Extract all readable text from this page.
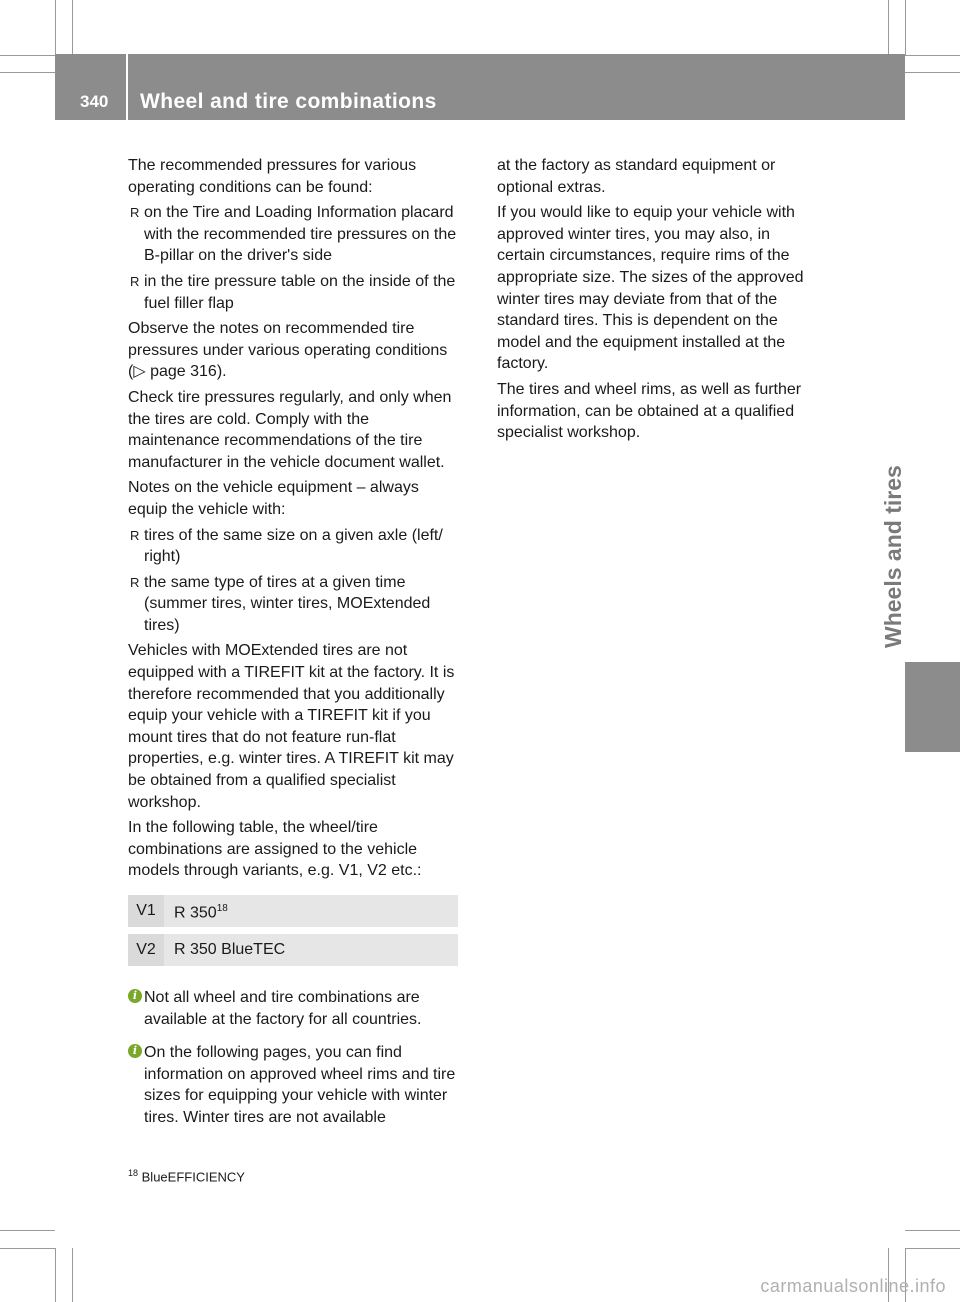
340 Wheel and tire combinations
Wheels and tires

The recommended pressures for various operating conditions can be found:

R on the Tire and Loading Information placard with the recommended tire pressures on the B-pillar on the driver's side
R in the tire pressure table on the inside of the fuel filler flap

Observe the notes on recommended tire pressures under various operating conditions (▷ page 316).

Check tire pressures regularly, and only when the tires are cold. Comply with the maintenance recommendations of the tire manufacturer in the vehicle document wallet.

Notes on the vehicle equipment – always equip the vehicle with:

R tires of the same size on a given axle (left/ right)
R the same type of tires at a given time (summer tires, winter tires, MOExtended tires)

Vehicles with MOExtended tires are not equipped with a TIREFIT kit at the factory. It is therefore recommended that you additionally equip your vehicle with a TIREFIT kit if you mount tires that do not feature run-flat properties, e.g. winter tires. A TIREFIT kit may be obtained from a qualified specialist workshop.

In the following table, the wheel/tire combinations are assigned to the vehicle models through variants, e.g. V1, V2 etc.:

V1	R 350$^{18}$
V2	R 350 BlueTEC
i Not all wheel and tire combinations are available at the factory for all countries.
i On the following pages, you can find information on approved wheel rims and tire sizes for equipping your vehicle with winter tires. Winter tires are not available

at the factory as standard equipment or optional extras.

If you would like to equip your vehicle with approved winter tires, you may also, in certain circumstances, require rims of the appropriate size. The sizes of the approved winter tires may deviate from that of the standard tires. This is dependent on the model and the equipment installed at the factory.

The tires and wheel rims, as well as further information, can be obtained at a qualified specialist workshop.

$^{18}$ BlueEFFICIENCY
carmanualsonline.info
